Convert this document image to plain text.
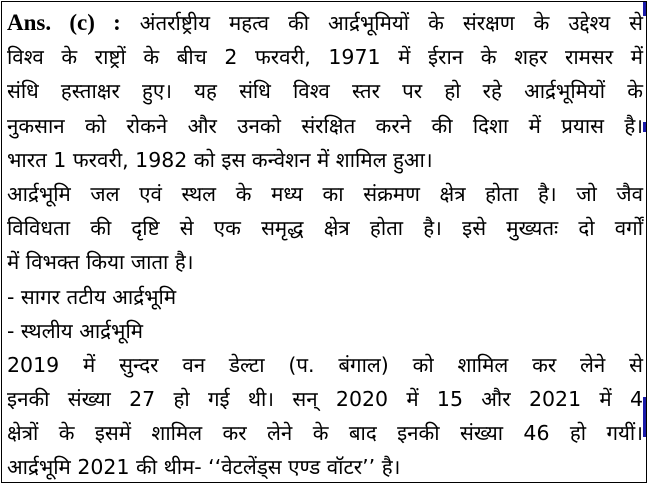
Ans. (c) : अंतर्राष्ट्रीय महत्व की आर्द्रभूमियों के संरक्षण के उद्देश्य से
विश्व के राष्ट्रों के बीच 2 फरवरी, 1971 में ईरान के शहर रामसर में
संधि हस्ताक्षर हुए। यह संधि विश्व स्तर पर हो रहे आर्द्रभूमियों के
नुकसान को रोकने और उनको संरक्षित करने की दिशा में प्रयास है।
भारत 1 फरवरी, 1982 को इस कन्वेशन में शामिल हुआ।
आर्द्रभूमि जल एवं स्थल के मध्य का संक्रमण क्षेत्र होता है। जो जैव
विविधता की दृष्टि से एक समृद्ध क्षेत्र होता है। इसे मुख्यतः दो वर्गों
में विभक्त किया जाता है।
- सागर तटीय आर्द्रभूमि
- स्थलीय आर्द्रभूमि
2019 में सुन्दर वन डेल्टा (प. बंगाल) को शामिल कर लेने से
इनकी संख्या 27 हो गई थी। सन् 2020 में 15 और 2021 में 4
क्षेत्रों के इसमें शामिल कर लेने के बाद इनकी संख्या 46 हो गयीं।
आर्द्रभूमि 2021 की थीम- ‘‘वेटलेंड्स एण्ड वॉटर’’ है।
